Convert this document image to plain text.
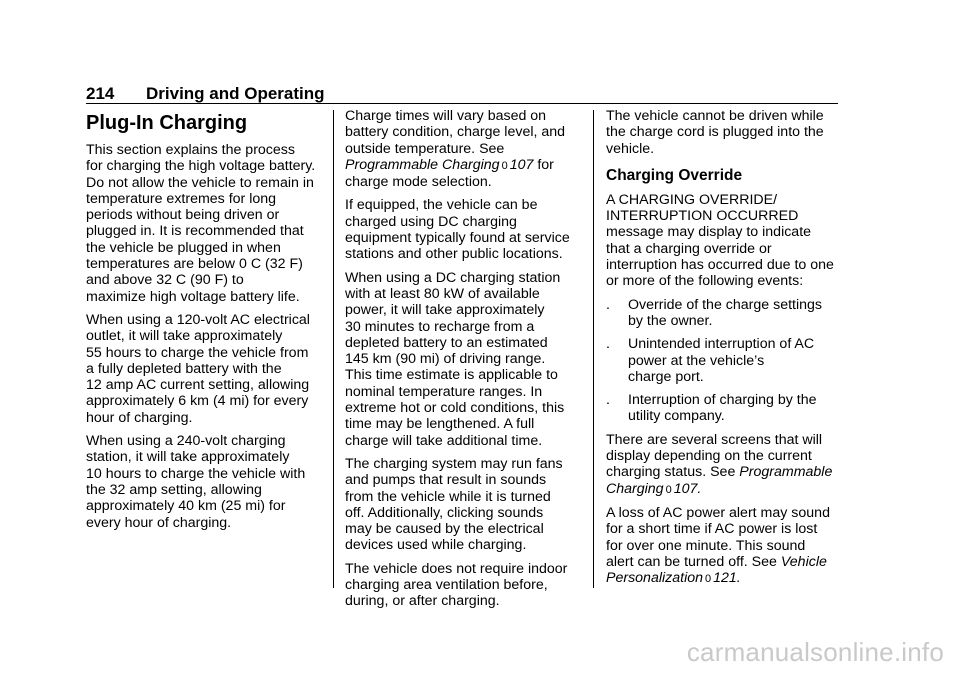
214 Driving and Operating
Plug-In Charging

This section explains the process
for charging the high voltage battery.
Do not allow the vehicle to remain in
temperature extremes for long
periods without being driven or
plugged in. It is recommended that
the vehicle be plugged in when
temperatures are below 0 C (32 F)
and above 32 C (90 F) to
maximize high voltage battery life.

When using a 120-volt AC electrical
outlet, it will take approximately
55 hours to charge the vehicle from
a fully depleted battery with the
12 amp AC current setting, allowing
approximately 6 km (4 mi) for every
hour of charging.

When using a 240-volt charging
station, it will take approximately
10 hours to charge the vehicle with
the 32 amp setting, allowing
approximately 40 km (25 mi) for
every hour of charging.

Charge times will vary based on
battery condition, charge level, and
outside temperature. See
Programmable Charging 0 107 for
charge mode selection.

If equipped, the vehicle can be
charged using DC charging
equipment typically found at service
stations and other public locations.

When using a DC charging station
with at least 80 kW of available
power, it will take approximately
30 minutes to recharge from a
depleted battery to an estimated
145 km (90 mi) of driving range.
This time estimate is applicable to
nominal temperature ranges. In
extreme hot or cold conditions, this
time may be lengthened. A full
charge will take additional time.

The charging system may run fans
and pumps that result in sounds
from the vehicle while it is turned
off. Additionally, clicking sounds
may be caused by the electrical
devices used while charging.

The vehicle does not require indoor
charging area ventilation before,
during, or after charging.

The vehicle cannot be driven while
the charge cord is plugged into the
vehicle.

Charging Override

A CHARGING OVERRIDE/
INTERRUPTION OCCURRED
message may display to indicate
that a charging override or
interruption has occurred due to one
or more of the following events:

. Override of the charge settings
by the owner.
. Unintended interruption of AC
power at the vehicle’s
charge port.
. Interruption of charging by the
utility company.

There are several screens that will
display depending on the current
charging status. See Programmable
Charging 0 107.

A loss of AC power alert may sound
for a short time if AC power is lost
for over one minute. This sound
alert can be turned off. See Vehicle
Personalization 0 121.

carmanualsonline.info
